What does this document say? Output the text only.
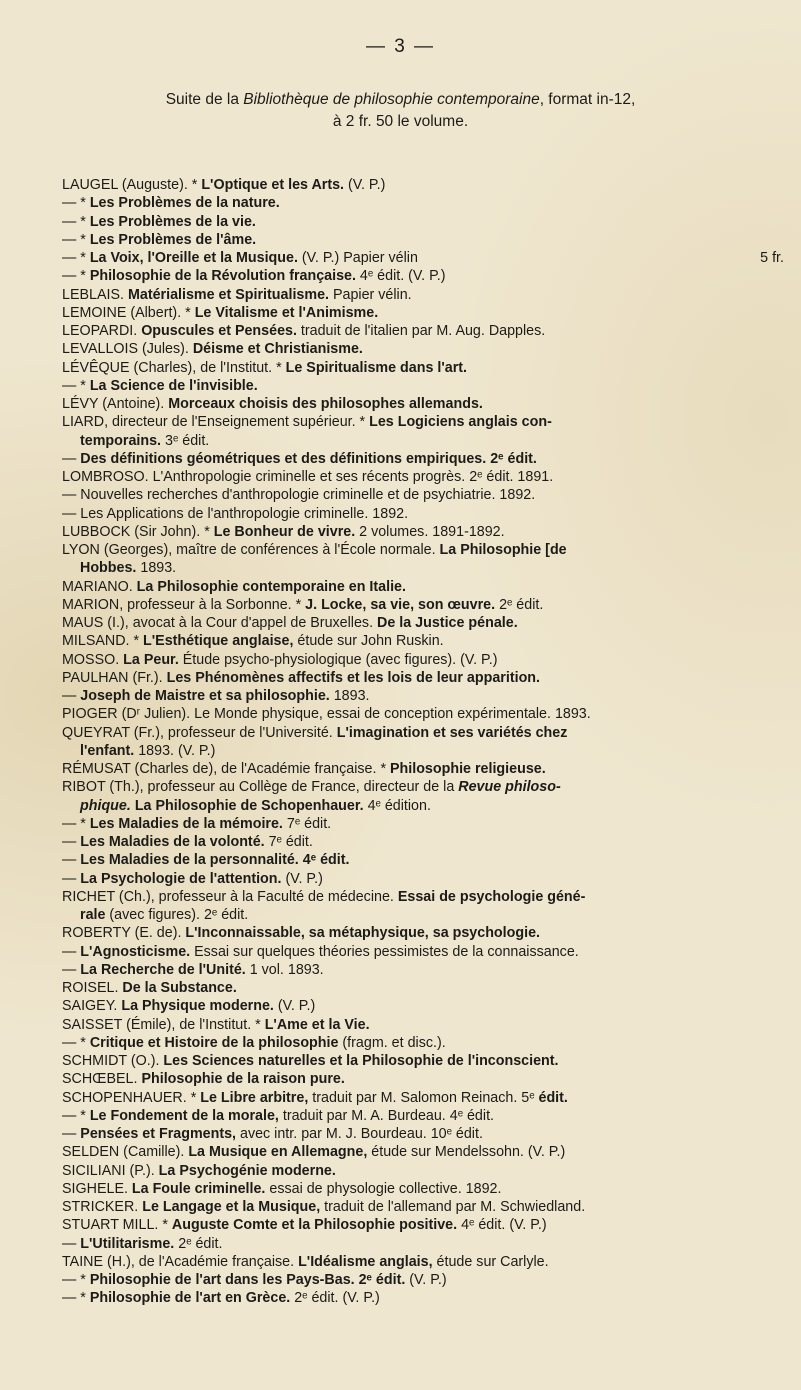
— 3 —
Suite de la Bibliothèque de philosophie contemporaine, format in-12,
à 2 fr. 50 le volume.
LAUGEL (Auguste). * L'Optique et les Arts. (V. P.)
— * Les Problèmes de la nature.
— * Les Problèmes de la vie.
— * Les Problèmes de l'âme.
— * La Voix, l'Oreille et la Musique. (V. P.) Papier vélin	5 fr.
— * Philosophie de la Révolution française. 4ᵉ édit. (V. P.)
LEBLAIS. Matérialisme et Spiritualisme. Papier vélin.
LEMOINE (Albert). * Le Vitalisme et l'Animisme.
LEOPARDI. Opuscules et Pensées. traduit de l'italien par M. Aug. Dapples.
LEVALLOIS (Jules). Déisme et Christianisme.
LÉVÊQUE (Charles), de l'Institut. * Le Spiritualisme dans l'art.
— * La Science de l'invisible.
LÉVY (Antoine). Morceaux choisis des philosophes allemands.
LIARD, directeur de l'Enseignement supérieur. * Les Logiciens anglais con-
temporains. 3ᵉ édit.
— Des définitions géométriques et des définitions empiriques. 2ᵉ édit.
LOMBROSO. L'Anthropologie criminelle et ses récents progrès. 2ᵉ édit. 1891.
— Nouvelles recherches d'anthropologie criminelle et de psychiatrie. 1892.
— Les Applications de l'anthropologie criminelle. 1892.
LUBBOCK (Sir John). * Le Bonheur de vivre. 2 volumes. 1891-1892.
LYON (Georges), maître de conférences à l'École normale. La Philosophie [de
Hobbes. 1893.
MARIANO. La Philosophie contemporaine en Italie.
MARION, professeur à la Sorbonne. * J. Locke, sa vie, son œuvre. 2ᵉ édit.
MAUS (I.), avocat à la Cour d'appel de Bruxelles. De la Justice pénale.
MILSAND. * L'Esthétique anglaise, étude sur John Ruskin.
MOSSO. La Peur. Étude psycho-physiologique (avec figures). (V. P.)
PAULHAN (Fr.). Les Phénomènes affectifs et les lois de leur apparition.
— Joseph de Maistre et sa philosophie. 1893.
PIOGER (Dʳ Julien). Le Monde physique, essai de conception expérimentale. 1893.
QUEYRAT (Fr.), professeur de l'Université. L'imagination et ses variétés chez
l'enfant. 1893. (V. P.)
RÉMUSAT (Charles de), de l'Académie française. * Philosophie religieuse.
RIBOT (Th.), professeur au Collège de France, directeur de la Revue philoso-
phique. La Philosophie de Schopenhauer. 4ᵉ édition.
— * Les Maladies de la mémoire. 7ᵉ édit.
— Les Maladies de la volonté. 7ᵉ édit.
— Les Maladies de la personnalité. 4ᵉ édit.
— La Psychologie de l'attention. (V. P.)
RICHET (Ch.), professeur à la Faculté de médecine. Essai de psychologie géné-
rale (avec figures). 2ᵉ édit.
ROBERTY (E. de). L'Inconnaissable, sa métaphysique, sa psychologie.
— L'Agnosticisme. Essai sur quelques théories pessimistes de la connaissance.
— La Recherche de l'Unité. 1 vol. 1893.
ROISEL. De la Substance.
SAIGEY. La Physique moderne. (V. P.)
SAISSET (Émile), de l'Institut. * L'Ame et la Vie.
— * Critique et Histoire de la philosophie (fragm. et disc.).
SCHMIDT (O.). Les Sciences naturelles et la Philosophie de l'inconscient.
SCHŒBEL. Philosophie de la raison pure.
SCHOPENHAUER. * Le Libre arbitre, traduit par M. Salomon Reinach. 5ᵉ édit.
— * Le Fondement de la morale, traduit par M. A. Burdeau. 4ᵉ édit.
— Pensées et Fragments, avec intr. par M. J. Bourdeau. 10ᵉ édit.
SELDEN (Camille). La Musique en Allemagne, étude sur Mendelssohn. (V. P.)
SICILIANI (P.). La Psychogénie moderne.
SIGHELE. La Foule criminelle. essai de physologie collective. 1892.
STRICKER. Le Langage et la Musique, traduit de l'allemand par M. Schwiedland.
STUART MILL. * Auguste Comte et la Philosophie positive. 4ᵉ édit. (V. P.)
— L'Utilitarisme. 2ᵉ édit.
TAINE (H.), de l'Académie française. L'Idéalisme anglais, étude sur Carlyle.
— * Philosophie de l'art dans les Pays-Bas. 2ᵉ édit. (V. P.)
— * Philosophie de l'art en Grèce. 2ᵉ édit. (V. P.)
